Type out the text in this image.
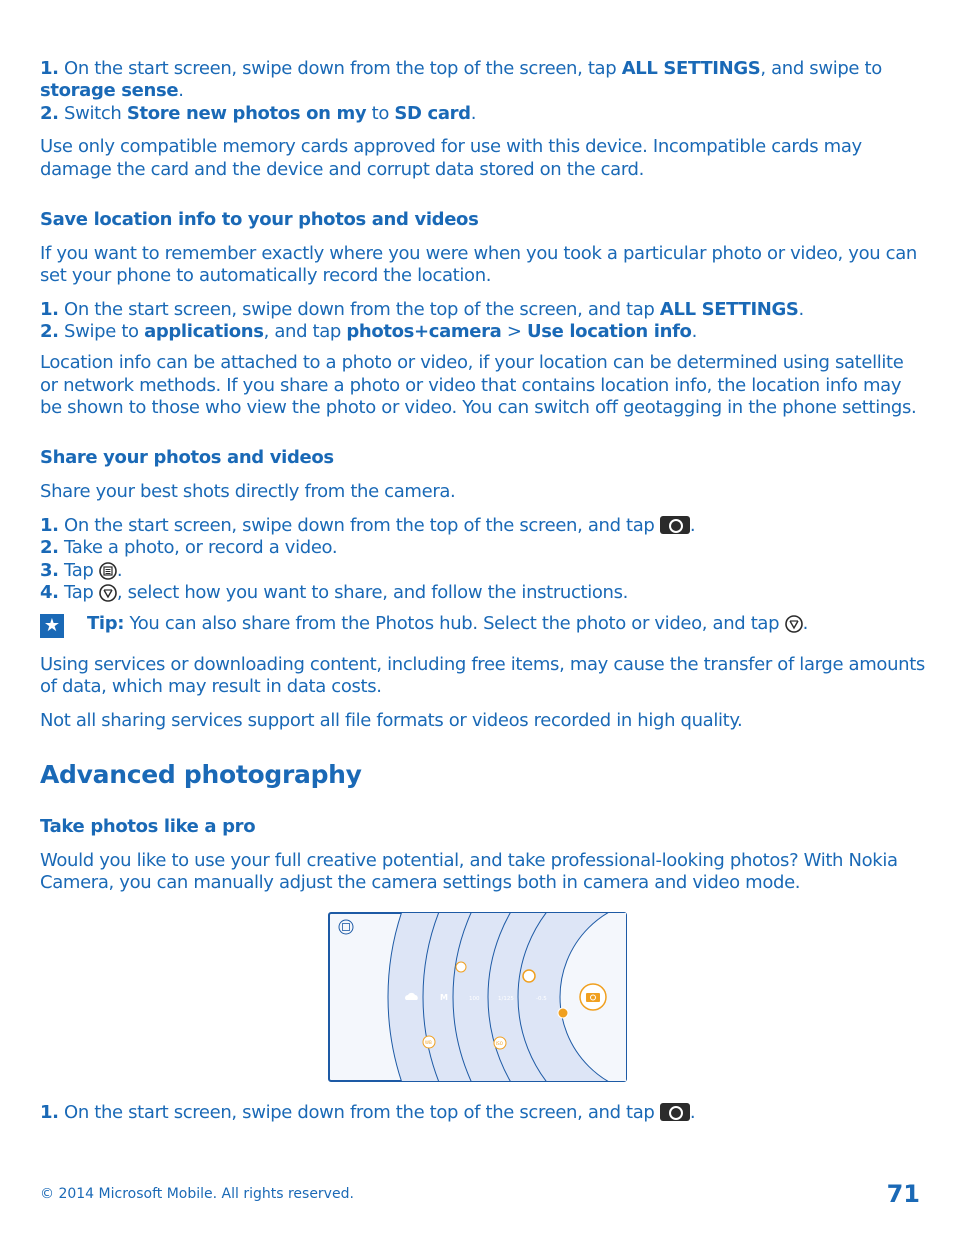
1. On the start screen, swipe down from the top of the screen, tap ALL SETTINGS, and swipe to
storage sense.
2. Switch Store new photos on my to SD card.
Use only compatible memory cards approved for use with this device. Incompatible cards may
damage the card and the device and corrupt data stored on the card.
Save location info to your photos and videos
If you want to remember exactly where you were when you took a particular photo or video, you can
set your phone to automatically record the location.
1. On the start screen, swipe down from the top of the screen, and tap ALL SETTINGS.
2. Swipe to applications, and tap photos+camera > Use location info.
Location info can be attached to a photo or video, if your location can be determined using satellite
or network methods. If you share a photo or video that contains location info, the location info may
be shown to those who view the photo or video. You can switch off geotagging in the phone settings.
Share your photos and videos
Share your best shots directly from the camera.
1. On the start screen, swipe down from the top of the screen, and tap .
2. Take a photo, or record a video.
3. Tap .
4. Tap , select how you want to share, and follow the instructions.
★ Tip: You can also share from the Photos hub. Select the photo or video, and tap .
Using services or downloading content, including free items, may cause the transfer of large amounts
of data, which may result in data costs.
Not all sharing services support all file formats or videos recorded in high quality.
Advanced photography
Take photos like a pro
Would you like to use your full creative potential, and take professional-looking photos? With Nokia
Camera, you can manually adjust the camera settings both in camera and video mode.
M	100	1/125	-0.5
WB	ISO
1. On the start screen, swipe down from the top of the screen, and tap .
© 2014 Microsoft Mobile. All rights reserved.	71
